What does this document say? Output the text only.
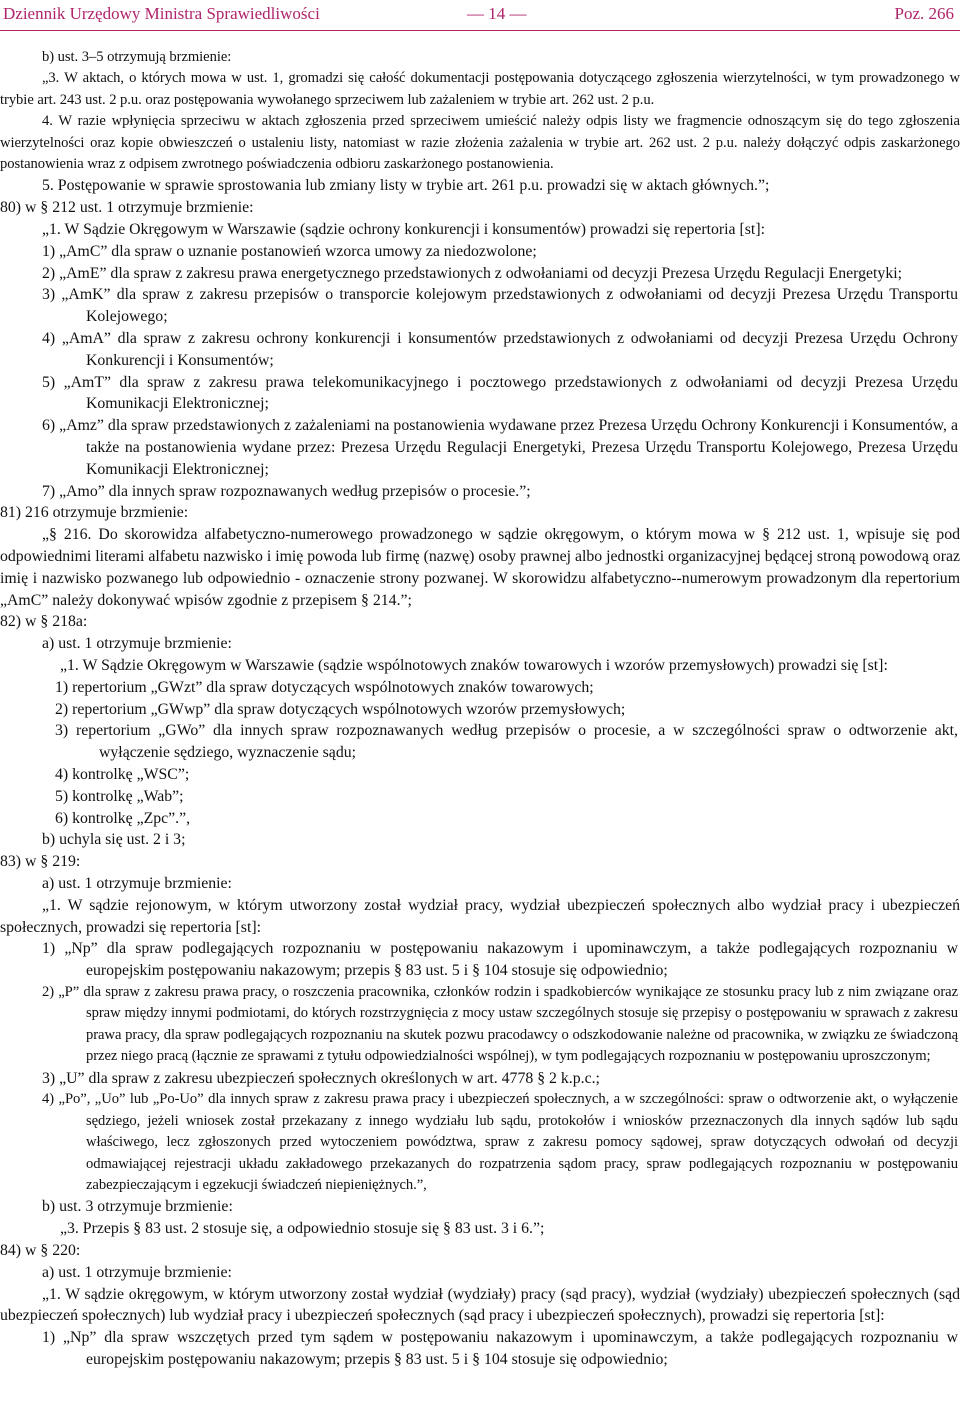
Dziennik Urzędowy Ministra Sprawiedliwości	— 14 —	Poz. 266

b) ust. 3–5 otrzymują brzmienie:

„3. W aktach, o których mowa w ust. 1, gromadzi się całość dokumentacji postępowania dotyczącego zgłoszenia wierzytelności, w tym prowadzonego w trybie art. 243 ust. 2 p.u. oraz postępowania wywołanego sprzeciwem lub zażaleniem w trybie art. 262 ust. 2 p.u.

4. W razie wpłynięcia sprzeciwu w aktach zgłoszenia przed sprzeciwem umieścić należy odpis listy we fragmencie odnoszącym się do tego zgłoszenia wierzytelności oraz kopie obwieszczeń o ustaleniu listy, natomiast w razie złożenia zażalenia w trybie art. 262 ust. 2 p.u. należy dołączyć odpis zaskarżonego postanowienia wraz z odpisem zwrotnego poświadczenia odbioru zaskarżonego postanowienia.

5. Postępowanie w sprawie sprostowania lub zmiany listy w trybie art. 261 p.u. prowadzi się w aktach głównych.”;

80) w § 212 ust. 1 otrzymuje brzmienie:

„1. W Sądzie Okręgowym w Warszawie (sądzie ochrony konkurencji i konsumentów) prowadzi się repertoria [st]:

1) „AmC” dla spraw o uznanie postanowień wzorca umowy za niedozwolone;

2) „AmE” dla spraw z zakresu prawa energetycznego przedstawionych z odwołaniami od decyzji Prezesa Urzędu Regulacji Energetyki;

3) „AmK” dla spraw z zakresu przepisów o transporcie kolejowym przedstawionych z odwołaniami od decyzji Prezesa Urzędu Transportu Kolejowego;

4) „AmA” dla spraw z zakresu ochrony konkurencji i konsumentów przedstawionych z odwołaniami od decyzji Prezesa Urzędu Ochrony Konkurencji i Konsumentów;

5) „AmT” dla spraw z zakresu prawa telekomunikacyjnego i pocztowego przedstawionych z odwołaniami od decyzji Prezesa Urzędu Komunikacji Elektronicznej;

6) „Amz” dla spraw przedstawionych z zażaleniami na postanowienia wydawane przez Prezesa Urzędu Ochrony Konkurencji i Konsumentów, a także na postanowienia wydane przez: Prezesa Urzędu Regulacji Energetyki, Prezesa Urzędu Transportu Kolejowego, Prezesa Urzędu Komunikacji Elektronicznej;

7) „Amo” dla innych spraw rozpoznawanych według przepisów o procesie.”;

81) 216 otrzymuje brzmienie:

„§ 216. Do skorowidza alfabetyczno-numerowego prowadzonego w sądzie okręgowym, o którym mowa w § 212 ust. 1, wpisuje się pod odpowiednimi literami alfabetu nazwisko i imię powoda lub firmę (nazwę) osoby prawnej albo jednostki organizacyjnej będącej stroną powodową oraz imię i nazwisko pozwanego lub odpowiednio - oznaczenie strony pozwanej. W skorowidzu alfabetyczno--numerowym prowadzonym dla repertorium „AmC” należy dokonywać wpisów zgodnie z przepisem § 214.”;

82) w § 218a:

a) ust. 1 otrzymuje brzmienie:

„1. W Sądzie Okręgowym w Warszawie (sądzie wspólnotowych znaków towarowych i wzorów przemysłowych) prowadzi się [st]:

1) repertorium „GWzt” dla spraw dotyczących wspólnotowych znaków towarowych;

2) repertorium „GWwp” dla spraw dotyczących wspólnotowych wzorów przemysłowych;

3) repertorium „GWo” dla innych spraw rozpoznawanych według przepisów o procesie, a w szczególności spraw o odtworzenie akt, wyłączenie sędziego, wyznaczenie sądu;

4) kontrolkę „WSC”;

5) kontrolkę „Wab”;

6) kontrolkę „Zpc”.”,

b) uchyla się ust. 2 i 3;

83) w § 219:

a) ust. 1 otrzymuje brzmienie:

„1. W sądzie rejonowym, w którym utworzony został wydział pracy, wydział ubezpieczeń społecznych albo wydział pracy i ubezpieczeń społecznych, prowadzi się repertoria [st]:

1) „Np” dla spraw podlegających rozpoznaniu w postępowaniu nakazowym i upominawczym, a także podlegających rozpoznaniu w europejskim postępowaniu nakazowym; przepis § 83 ust. 5 i § 104 stosuje się odpowiednio;

2) „P” dla spraw z zakresu prawa pracy, o roszczenia pracownika, członków rodzin i spadkobierców wynikające ze stosunku pracy lub z nim związane oraz spraw między innymi podmiotami, do których rozstrzygnięcia z mocy ustaw szczególnych stosuje się przepisy o postępowaniu w sprawach z zakresu prawa pracy, dla spraw podlegających rozpoznaniu na skutek pozwu pracodawcy o odszkodowanie należne od pracownika, w związku ze świadczoną przez niego pracą (łącznie ze sprawami z tytułu odpowiedzialności wspólnej), w tym podlegających rozpoznaniu w postępowaniu uproszczonym;

3) „U” dla spraw z zakresu ubezpieczeń społecznych określonych w art. 4778 § 2 k.p.c.;

4) „Po”, „Uo” lub „Po-Uo” dla innych spraw z zakresu prawa pracy i ubezpieczeń społecznych, a w szczególności: spraw o odtworzenie akt, o wyłączenie sędziego, jeżeli wniosek został przekazany z innego wydziału lub sądu, protokołów i wniosków przeznaczonych dla innych sądów lub sądu właściwego, lecz zgłoszonych przed wytoczeniem powództwa, spraw z zakresu pomocy sądowej, spraw dotyczących odwołań od decyzji odmawiającej rejestracji układu zakładowego przekazanych do rozpatrzenia sądom pracy, spraw podlegających rozpoznaniu w postępowaniu zabezpieczającym i egzekucji świadczeń niepieniężnych.”,

b) ust. 3 otrzymuje brzmienie:

„3. Przepis § 83 ust. 2 stosuje się, a odpowiednio stosuje się § 83 ust. 3 i 6.”;

84) w § 220:

a) ust. 1 otrzymuje brzmienie:

„1. W sądzie okręgowym, w którym utworzony został wydział (wydziały) pracy (sąd pracy), wydział (wydziały) ubezpieczeń społecznych (sąd ubezpieczeń społecznych) lub wydział pracy i ubezpieczeń społecznych (sąd pracy i ubezpieczeń społecznych), prowadzi się repertoria [st]:

1) „Np” dla spraw wszczętych przed tym sądem w postępowaniu nakazowym i upominawczym, a także podlegających rozpoznaniu w europejskim postępowaniu nakazowym; przepis § 83 ust. 5 i § 104 stosuje się odpowiednio;
